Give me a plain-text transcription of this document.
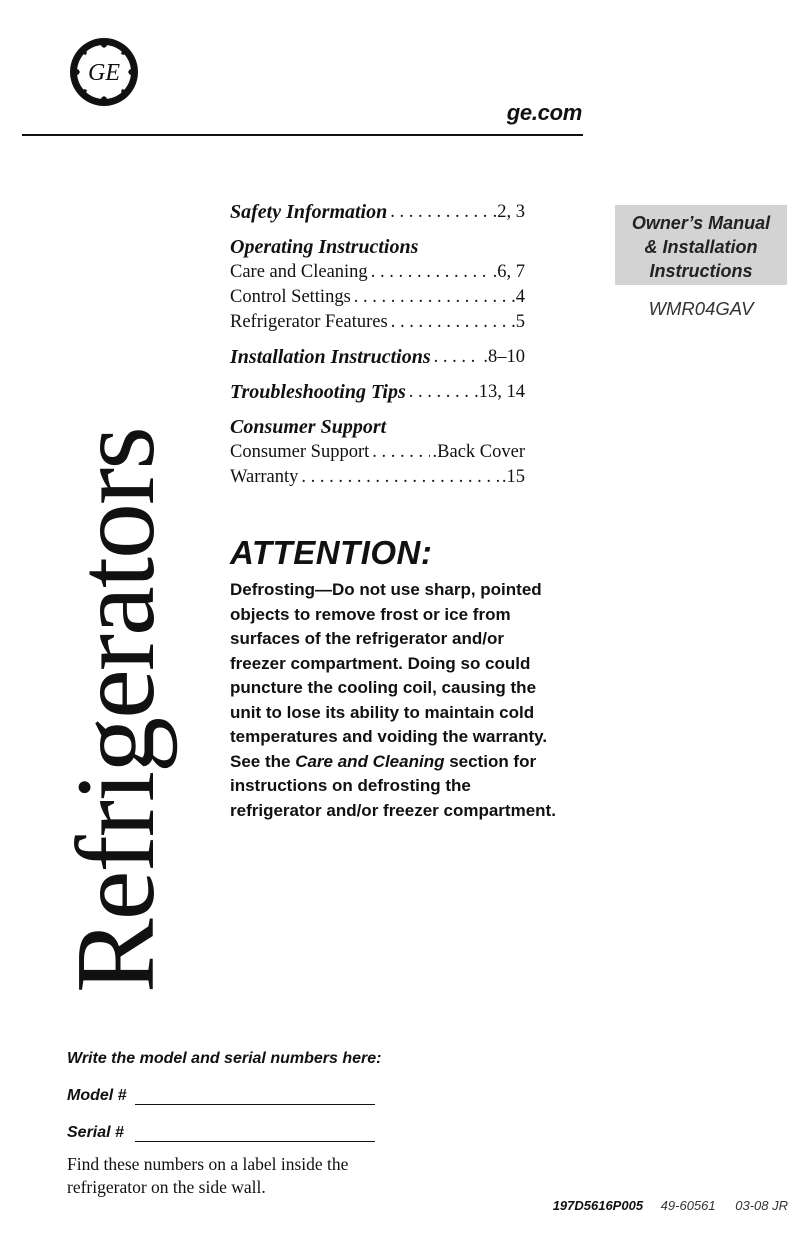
GE
ge.com
Refrigerators
Safety Information . . .	.2, 3
Operating Instructions
Care and Cleaning . . .	.6, 7
Control Settings . . .	.4
Refrigerator Features . . .	.5
Installation Instructions . . .	.8–10
Troubleshooting Tips . . .	.13, 14
Consumer Support
Consumer Support . . .	.Back Cover
Warranty . . .	.15
Owner’s Manual
& Installation
Instructions
WMR04GAV
ATTENTION:
Defrosting—Do not use sharp, pointed objects to remove frost or ice from surfaces of the refrigerator and/or freezer compartment. Doing so could puncture the cooling coil, causing the unit to lose its ability to maintain cold temperatures and voiding the warranty. See the Care and Cleaning section for instructions on defrosting the refrigerator and/or freezer compartment.
Write the model and serial numbers here:
Model #
Serial #
Find these numbers on a label inside the refrigerator on the side wall.
197D5616P005 49-60561 03-08 JR
